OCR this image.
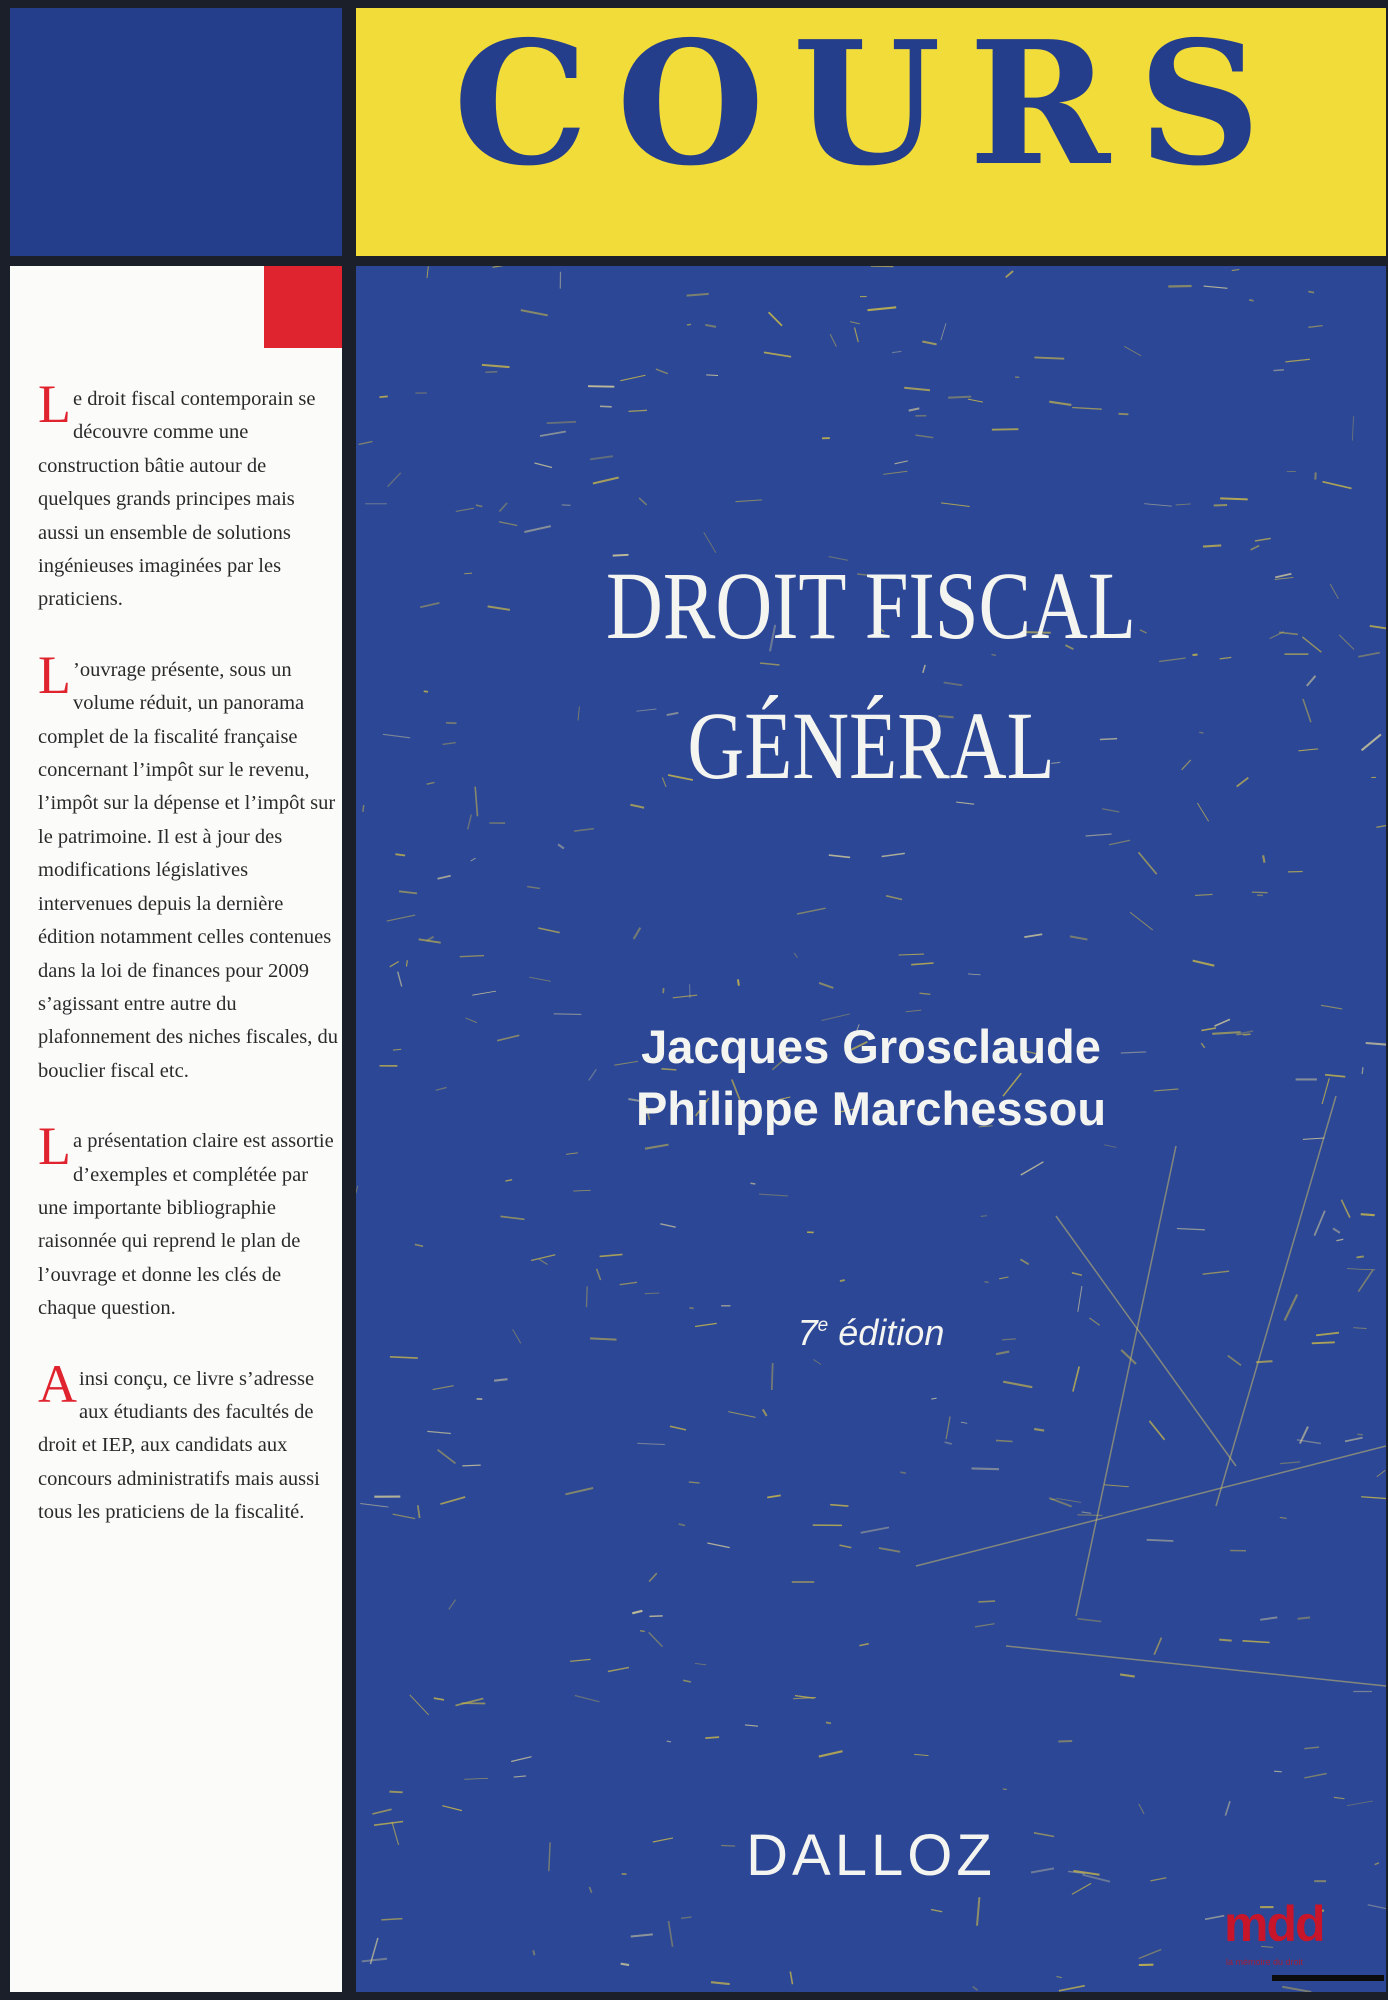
COURS

Le droit fiscal contemporain se découvre comme une construction bâtie autour de quelques grands principes mais aussi un ensemble de solutions ingénieuses imaginées par les praticiens.

L ’ouvrage présente, sous un volume réduit, un panorama complet de la fiscalité française concernant l’impôt sur le revenu, l’impôt sur la dépense et l’impôt sur le patrimoine. Il est à jour des modifications législatives intervenues depuis la dernière édition notamment celles contenues dans la loi de finances pour 2009 s’agissant entre autre du plafonnement des niches fiscales, du bouclier fiscal etc.

La présentation claire est assortie d’exemples et complétée par une importante bibliographie raisonnée qui reprend le plan de l’ouvrage et donne les clés de chaque question.

Ainsi conçu, ce livre s’adresse aux étudiants des facultés de droit et IEP, aux candidats aux concours administratifs mais aussi tous les praticiens de la fiscalité.

DROIT FISCAL
GÉNÉRAL
Jacques Grosclaude
Philippe Marchessou
7e édition
DALLOZ
mdd
la mémoire du droit
